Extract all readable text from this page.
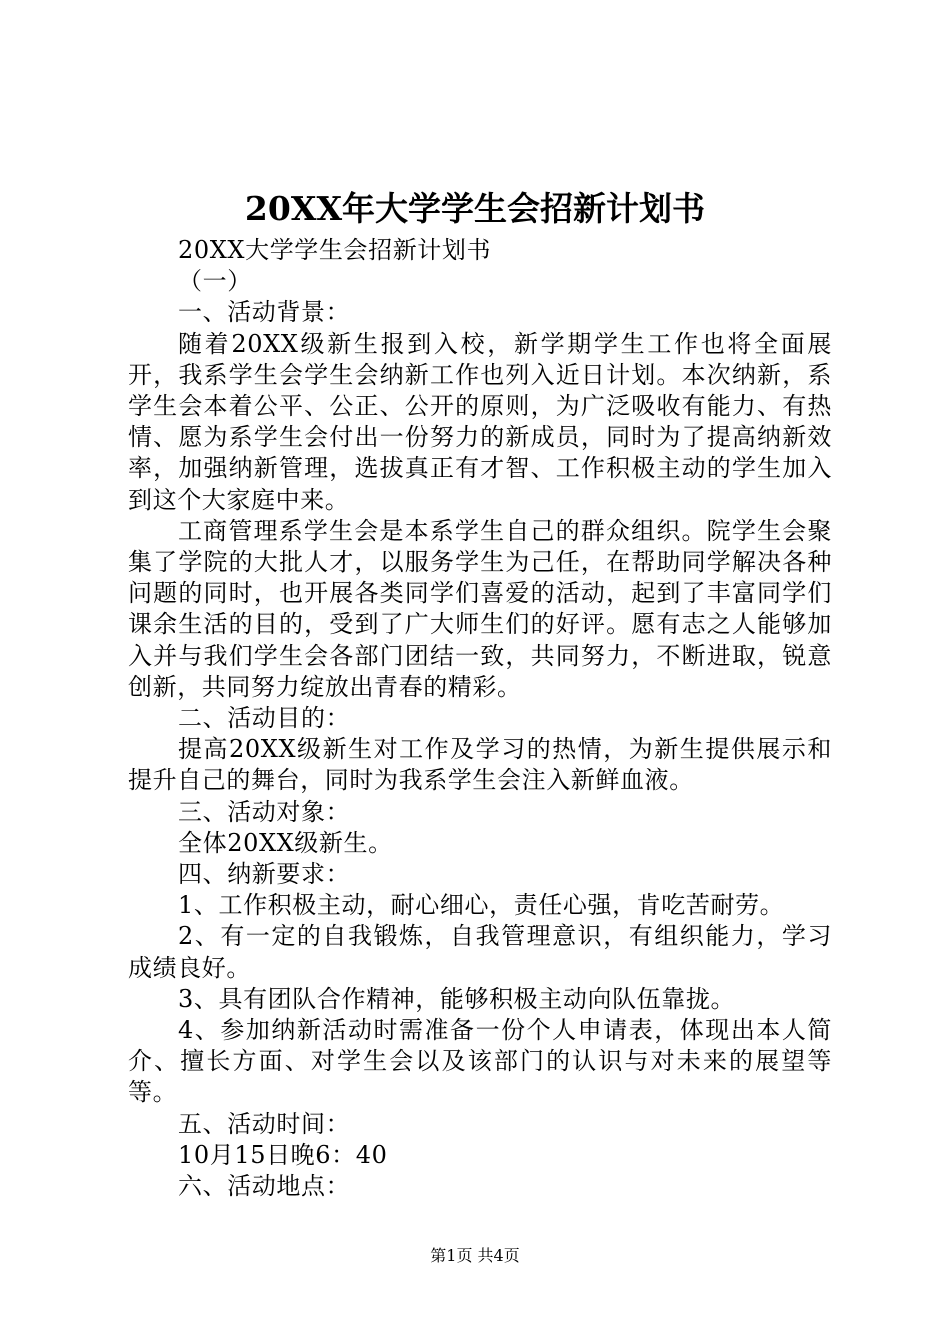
20XX年大学学生会招新计划书

20XX大学学生会招新计划书

（一）

一、活动背景：

随着20XX级新生报到入校，新学期学生工作也将全面展开，我系学生会学生会纳新工作也列入近日计划。本次纳新，系学生会本着公平、公正、公开的原则，为广泛吸收有能力、有热情、愿为系学生会付出一份努力的新成员，同时为了提高纳新效率，加强纳新管理，选拔真正有才智、工作积极主动的学生加入到这个大家庭中来。

工商管理系学生会是本系学生自己的群众组织。院学生会聚集了学院的大批人才，以服务学生为己任，在帮助同学解决各种问题的同时，也开展各类同学们喜爱的活动，起到了丰富同学们课余生活的目的，受到了广大师生们的好评。愿有志之人能够加入并与我们学生会各部门团结一致，共同努力，不断进取，锐意创新，共同努力绽放出青春的精彩。

二、活动目的：

提高20XX级新生对工作及学习的热情，为新生提供展示和提升自己的舞台，同时为我系学生会注入新鲜血液。

三、活动对象：

全体20XX级新生。

四、纳新要求：

1、工作积极主动，耐心细心，责任心强，肯吃苦耐劳。

2、有一定的自我锻炼，自我管理意识，有组织能力，学习成绩良好。

3、具有团队合作精神，能够积极主动向队伍靠拢。

4、参加纳新活动时需准备一份个人申请表，体现出本人简介、擅长方面、对学生会以及该部门的认识与对未来的展望等等。

五、活动时间：

10月15日晚6：40

六、活动地点：

第1页 共4页
